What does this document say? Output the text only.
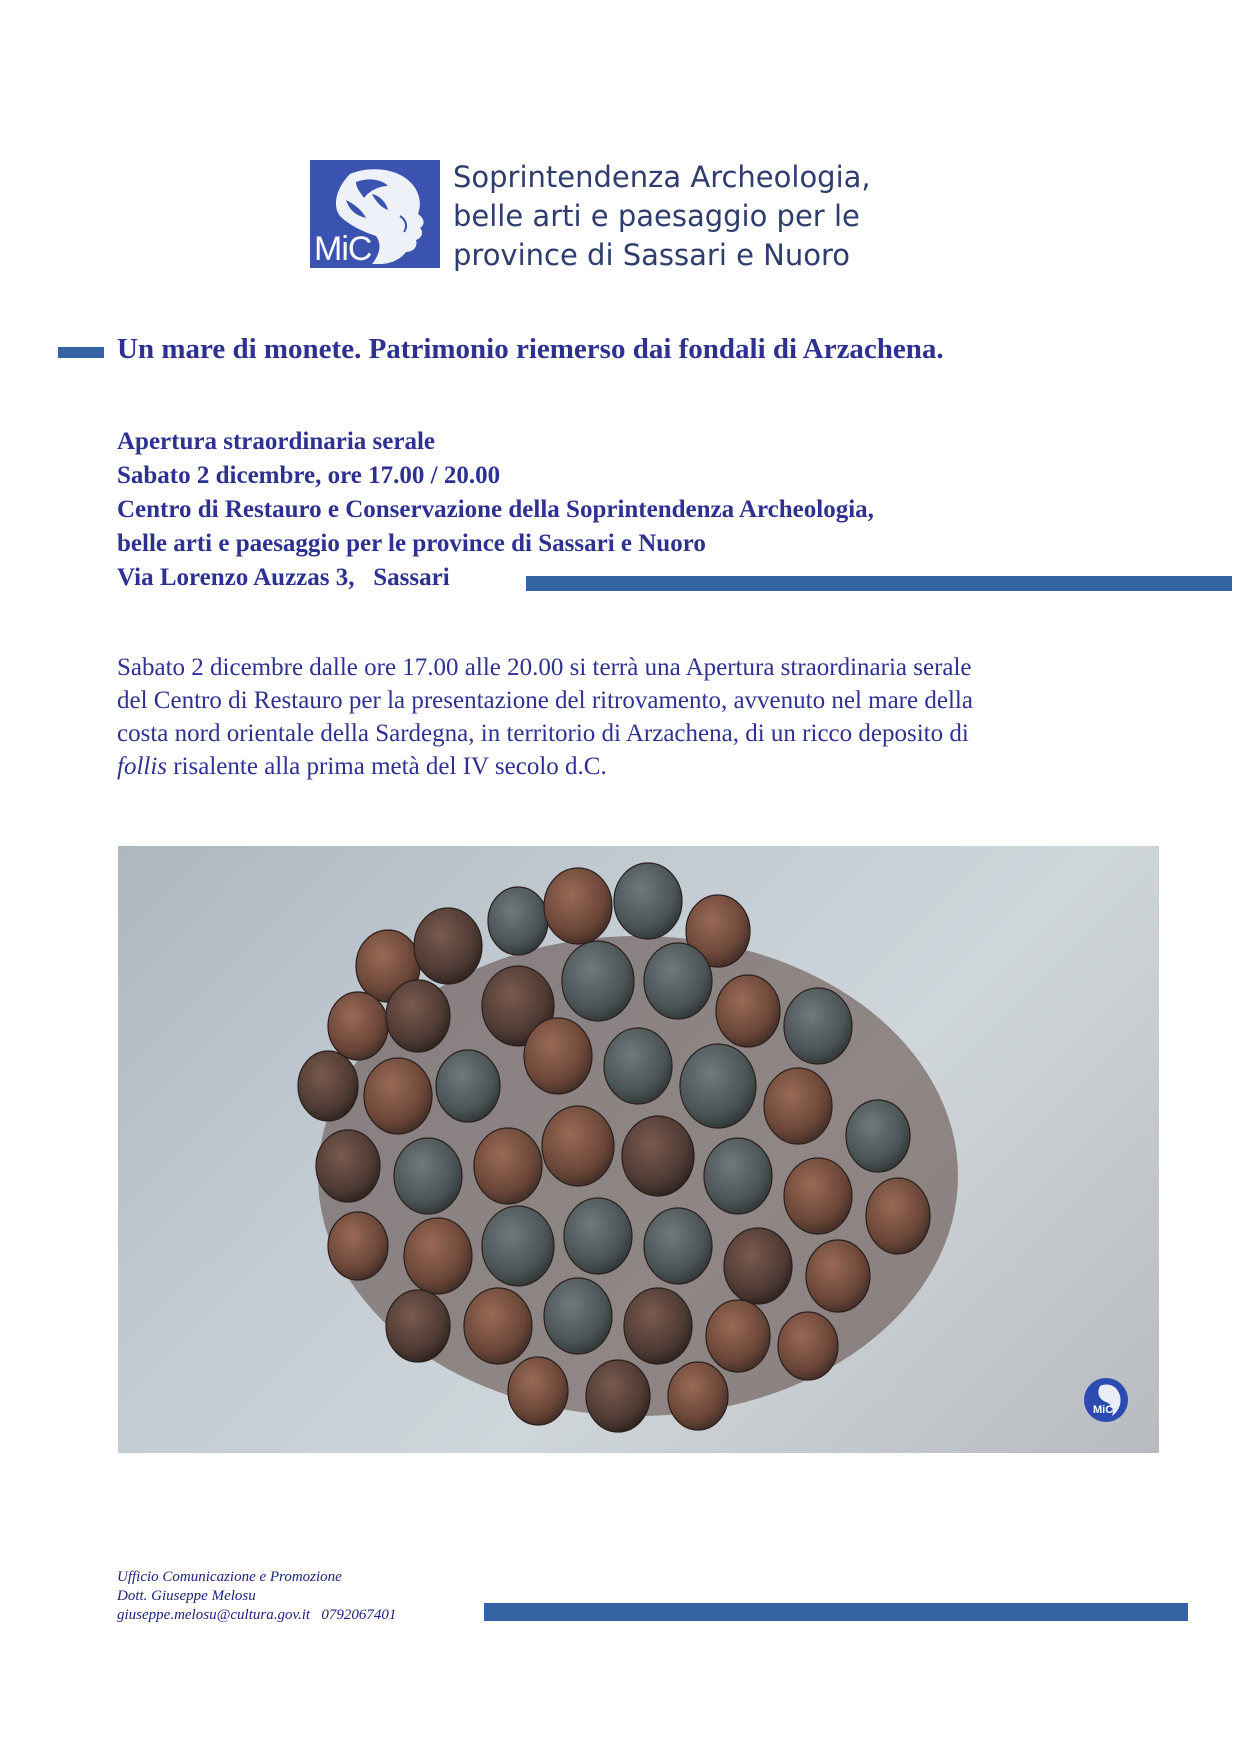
MiC
Soprintendenza Archeologia,
belle arti e paesaggio per le
province di Sassari e Nuoro
Un mare di monete. Patrimonio riemerso dai fondali di Arzachena.
Apertura straordinaria serale
Sabato 2 dicembre, ore 17.00 / 20.00
Centro di Restauro e Conservazione della Soprintendenza Archeologia,
belle arti e paesaggio per le province di Sassari e Nuoro
Via Lorenzo Auzzas 3,   Sassari
Sabato 2 dicembre dalle ore 17.00 alle 20.00 si terrà una Apertura straordinaria serale
del Centro di Restauro per la presentazione del ritrovamento, avvenuto nel mare della
costa nord orientale della Sardegna, in territorio di Arzachena, di un ricco deposito di
follis risalente alla prima metà del IV secolo d.C.
MiC
Ufficio Comunicazione e Promozione
Dott. Giuseppe Melosu
giuseppe.melosu@cultura.gov.it   0792067401
